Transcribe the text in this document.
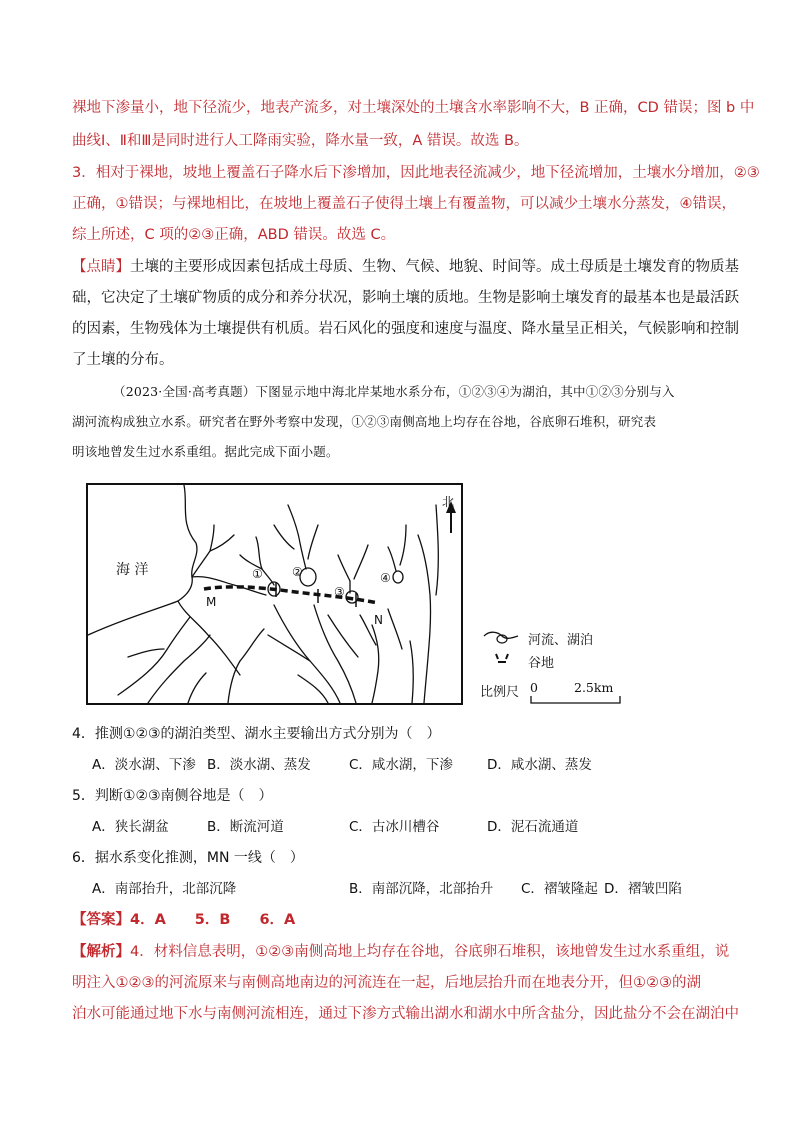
裸地下渗量小，地下径流少，地表产流多，对土壤深处的土壤含水率影响不大，B 正确，CD 错误；图 b 中
曲线Ⅰ、Ⅱ和Ⅲ是同时进行人工降雨实验，降水量一致，A 错误。故选 B。
3．相对于裸地，坡地上覆盖石子降水后下渗增加，因此地表径流减少，地下径流增加，土壤水分增加，②③
正确，①错误；与裸地相比，在坡地上覆盖石子使得土壤上有覆盖物，可以减少土壤水分蒸发，④错误，
综上所述，C 项的②③正确，ABD 错误。故选 C。
【点睛】土壤的主要形成因素包括成土母质、生物、气候、地貌、时间等。成土母质是土壤发育的物质基
础，它决定了土壤矿物质的成分和养分状况，影响土壤的质地。生物是影响土壤发育的最基本也是最活跃
的因素，生物残体为土壤提供有机质。岩石风化的强度和速度与温度、降水量呈正相关，气候影响和控制
了土壤的分布。
（2023·全国·高考真题）下图显示地中海北岸某地水系分布，①②③④为湖泊，其中①②③分别与入
湖河流构成独立水系。研究者在野外考察中发现，①②③南侧高地上均存在谷地，谷底卵石堆积，研究表
明该地曾发生过水系重组。据此完成下面小题。
海 洋
北
① ②
③
④
M
N
河流、湖泊
谷地
比例尺 0	2.5km
4．推测①②③的湖泊类型、湖水主要输出方式分别为（　）
A．淡水湖、下渗 B．淡水湖、蒸发	C．咸水湖，下渗	D．咸水湖、蒸发
5．判断①②③南侧谷地是（　）
A．狭长湖盆	B．断流河道	C．古冰川槽谷	D．泥石流通道
6．据水系变化推测，MN 一线（　）
A．南部抬升，北部沉降	B．南部沉降，北部抬升 C．褶皱隆起 D．褶皱凹陷
【答案】4．A　　5．B　　6．A
【解析】4．材料信息表明，①②③南侧高地上均存在谷地，谷底卵石堆积，该地曾发生过水系重组，说
明注入①②③的河流原来与南侧高地南边的河流连在一起，后地层抬升而在地表分开，但①②③的湖
泊水可能通过地下水与南侧河流相连，通过下渗方式输出湖水和湖水中所含盐分，因此盐分不会在湖泊中
